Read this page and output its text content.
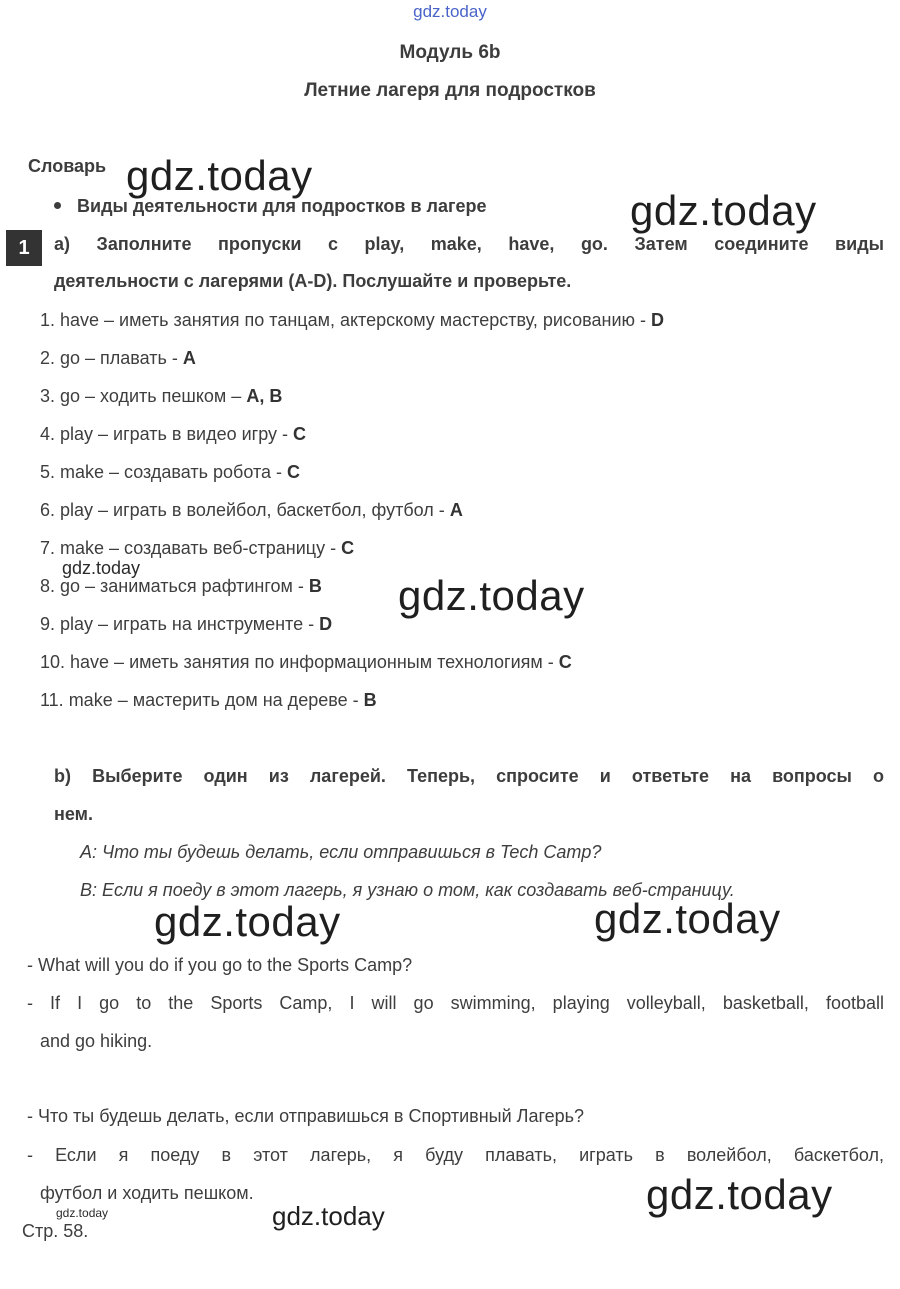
gdz.today
Модуль 6b
Летние лагеря для подростков
Словарь gdz.today
Виды деятельности для подростков в лагере	gdz.today
1	a) Заполните пропуски с play, make, have, go. Затем соедините виды
деятельности с лагерями (A-D). Послушайте и проверьте.
1. have – иметь занятия по танцам, актерскому мастерству, рисованию - D
2. go – плавать - A
3. go – ходить пешком – A, B
4. play – играть в видео игру - C
5. make – создавать робота - C
6. play – играть в волейбол, баскетбол, футбол - A
7. make – создавать веб-страницу - C
gdz.today
8. go – заниматься рафтингом - B gdz.today
9. play – играть на инструменте - D
10. have – иметь занятия по информационным технологиям - C
11. make – мастерить дом на дереве - B
b) Выберите один из лагерей. Теперь, спросите и ответьте на вопросы о
нем.
A: Что ты будешь делать, если отправишься в Tech Camp?
B: Если я поеду в этот лагерь, я узнаю о том, как создавать веб-страницу.
gdz.today	gdz.today
- What will you do if you go to the Sports Camp?
- If I go to the Sports Camp, I will go swimming, playing volleyball, basketball, football
and go hiking.
- Что ты будешь делать, если отправишься в Спортивный Лагерь?
- Если я поеду в этот лагерь, я буду плавать, играть в волейбол, баскетбол,
футбол и ходить пешком.	gdz.today
gdz.today
gdz.today
Стр. 58.
